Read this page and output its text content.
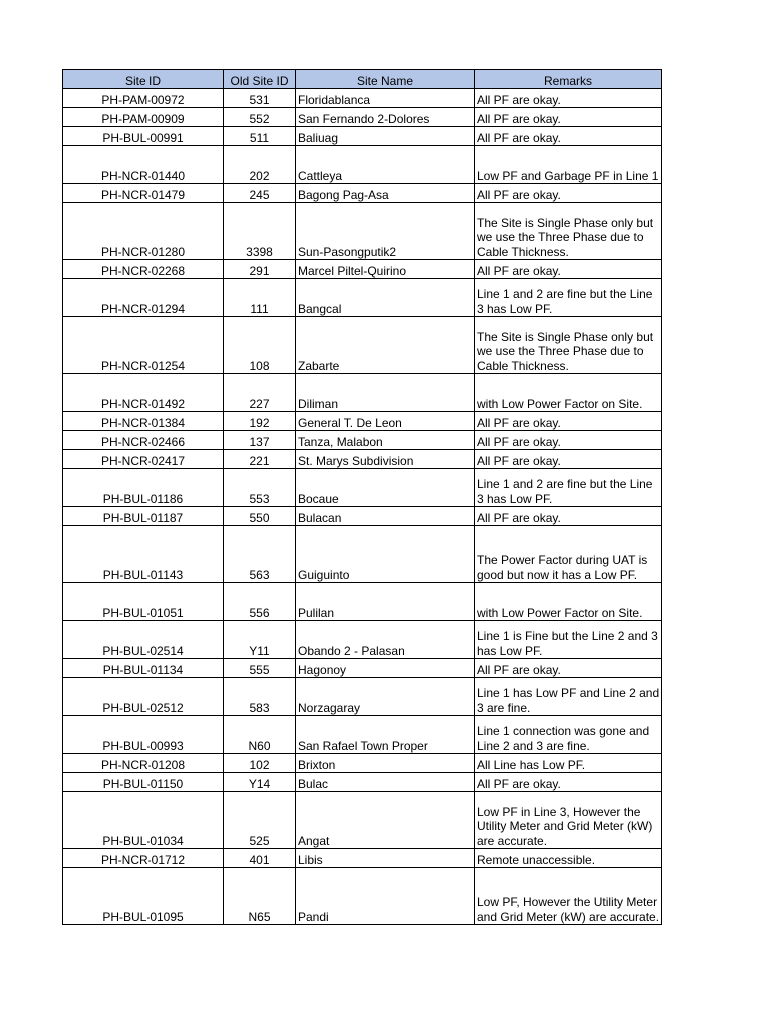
Site ID	Old Site ID	Site Name	Remarks
PH-PAM-00972	531	Floridablanca	All PF are okay.
PH-PAM-00909	552	San Fernando 2-Dolores	All PF are okay.
PH-BUL-00991	511	Baliuag	All PF are okay.
PH-NCR-01440	202	Cattleya	Low PF and Garbage PF in Line 1
PH-NCR-01479	245	Bagong Pag-Asa	All PF are okay.
PH-NCR-01280	3398	Sun-Pasongputik2	The Site is Single Phase only but we use the Three Phase due to Cable Thickness.
PH-NCR-02268	291	Marcel Piltel-Quirino	All PF are okay.
PH-NCR-01294	111	Bangcal	Line 1 and 2 are fine but the Line 3 has Low PF.
PH-NCR-01254	108	Zabarte	The Site is Single Phase only but we use the Three Phase due to Cable Thickness.
PH-NCR-01492	227	Diliman	with Low Power Factor on Site.
PH-NCR-01384	192	General T. De Leon	All PF are okay.
PH-NCR-02466	137	Tanza, Malabon	All PF are okay.
PH-NCR-02417	221	St. Marys Subdivision	All PF are okay.
PH-BUL-01186	553	Bocaue	Line 1 and 2 are fine but the Line 3 has Low PF.
PH-BUL-01187	550	Bulacan	All PF are okay.
PH-BUL-01143	563	Guiguinto	The Power Factor during UAT is good but now it has a Low PF.
PH-BUL-01051	556	Pulilan	with Low Power Factor on Site.
PH-BUL-02514	Y11	Obando 2 - Palasan	Line 1 is Fine but the Line 2 and 3 has Low PF.
PH-BUL-01134	555	Hagonoy	All PF are okay.
PH-BUL-02512	583	Norzagaray	Line 1 has Low PF and Line 2 and 3 are fine.
PH-BUL-00993	N60	San Rafael Town Proper	Line 1 connection was gone and Line 2 and 3 are fine.
PH-NCR-01208	102	Brixton	All Line has Low PF.
PH-BUL-01150	Y14	Bulac	All PF are okay.
PH-BUL-01034	525	Angat	Low PF in Line 3, However the Utility Meter and Grid Meter (kW) are accurate.
PH-NCR-01712	401	Libis	Remote unaccessible.
PH-BUL-01095	N65	Pandi	Low PF, However the Utility Meter and Grid Meter (kW) are accurate.
